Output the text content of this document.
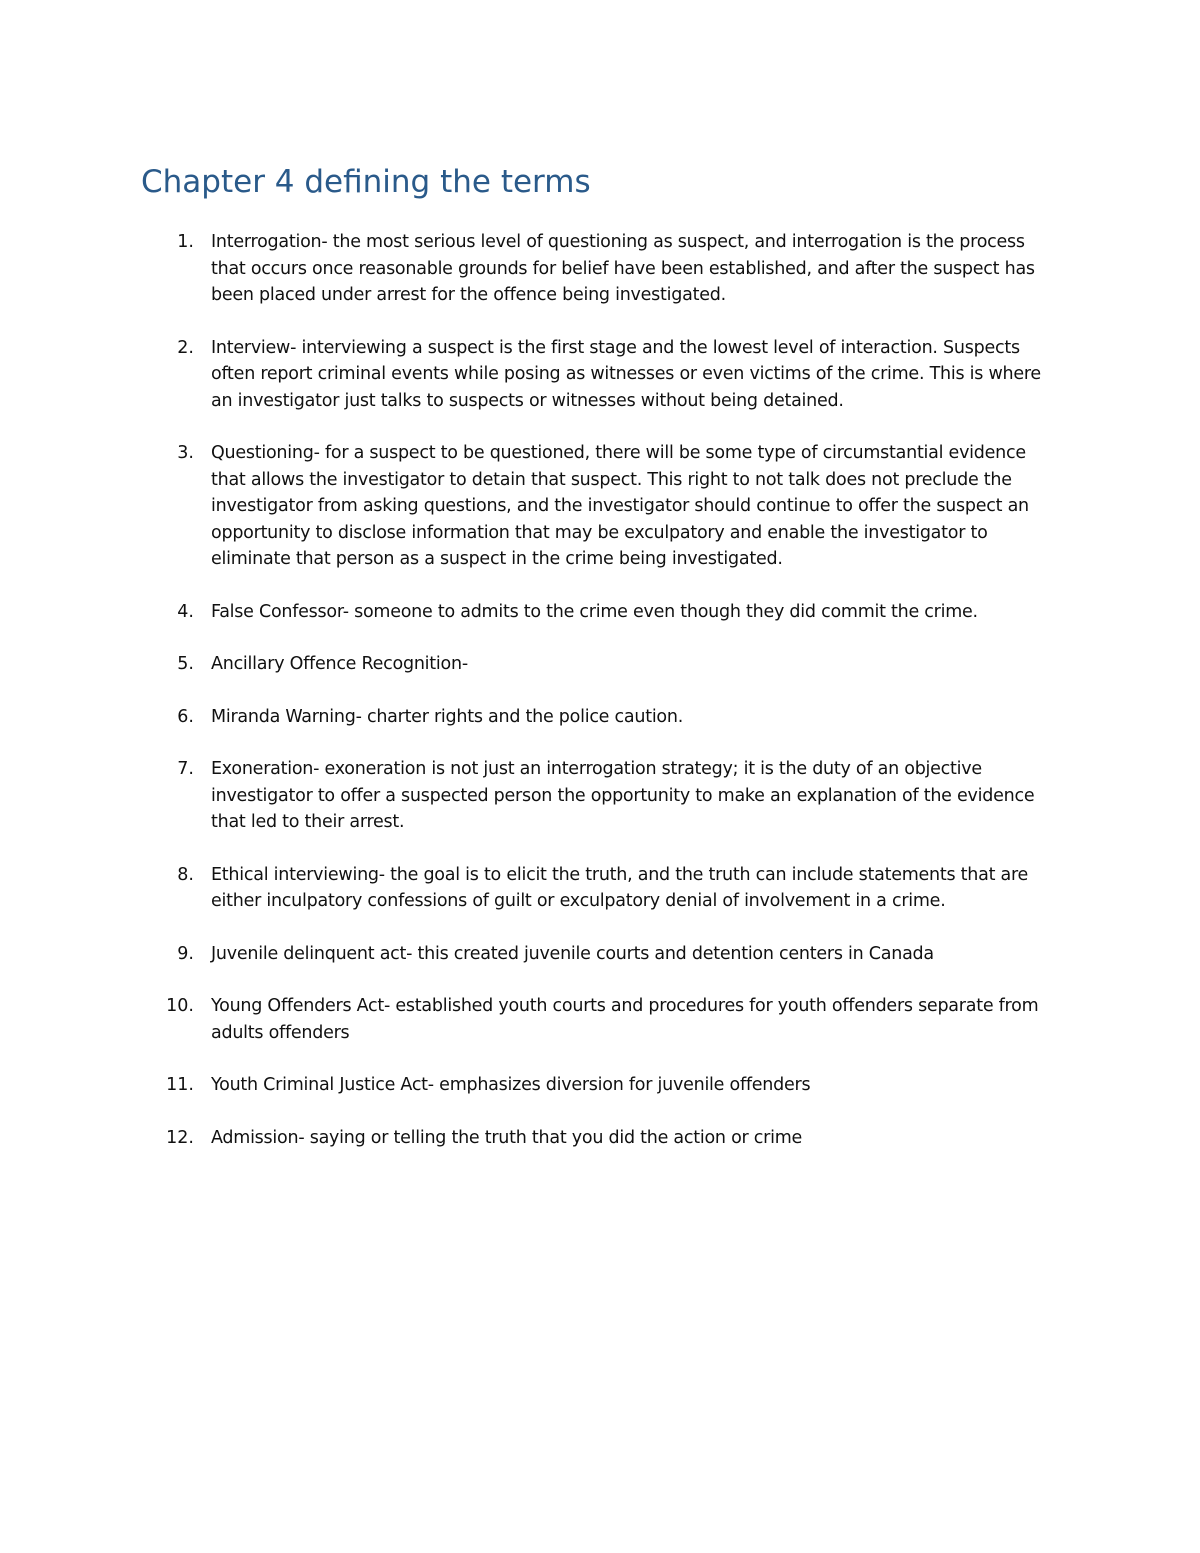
Chapter 4 defining the terms
1. Interrogation- the most serious level of questioning as suspect, and interrogation is the process that occurs once reasonable grounds for belief have been established, and after the suspect has been placed under arrest for the offence being investigated.
2. Interview- interviewing a suspect is the first stage and the lowest level of interaction. Suspects often report criminal events while posing as witnesses or even victims of the crime. This is where an investigator just talks to suspects or witnesses without being detained.
3. Questioning- for a suspect to be questioned, there will be some type of circumstantial evidence that allows the investigator to detain that suspect. This right to not talk does not preclude the investigator from asking questions, and the investigator should continue to offer the suspect an opportunity to disclose information that may be exculpatory and enable the investigator to eliminate that person as a suspect in the crime being investigated.
4. False Confessor- someone to admits to the crime even though they did commit the crime.
5. Ancillary Offence Recognition-
6. Miranda Warning- charter rights and the police caution.
7. Exoneration- exoneration is not just an interrogation strategy; it is the duty of an objective investigator to offer a suspected person the opportunity to make an explanation of the evidence that led to their arrest.
8. Ethical interviewing- the goal is to elicit the truth, and the truth can include statements that are either inculpatory confessions of guilt or exculpatory denial of involvement in a crime.
9. Juvenile delinquent act- this created juvenile courts and detention centers in Canada
10. Young Offenders Act- established youth courts and procedures for youth offenders separate from adults offenders
11. Youth Criminal Justice Act- emphasizes diversion for juvenile offenders
12. Admission- saying or telling the truth that you did the action or crime
